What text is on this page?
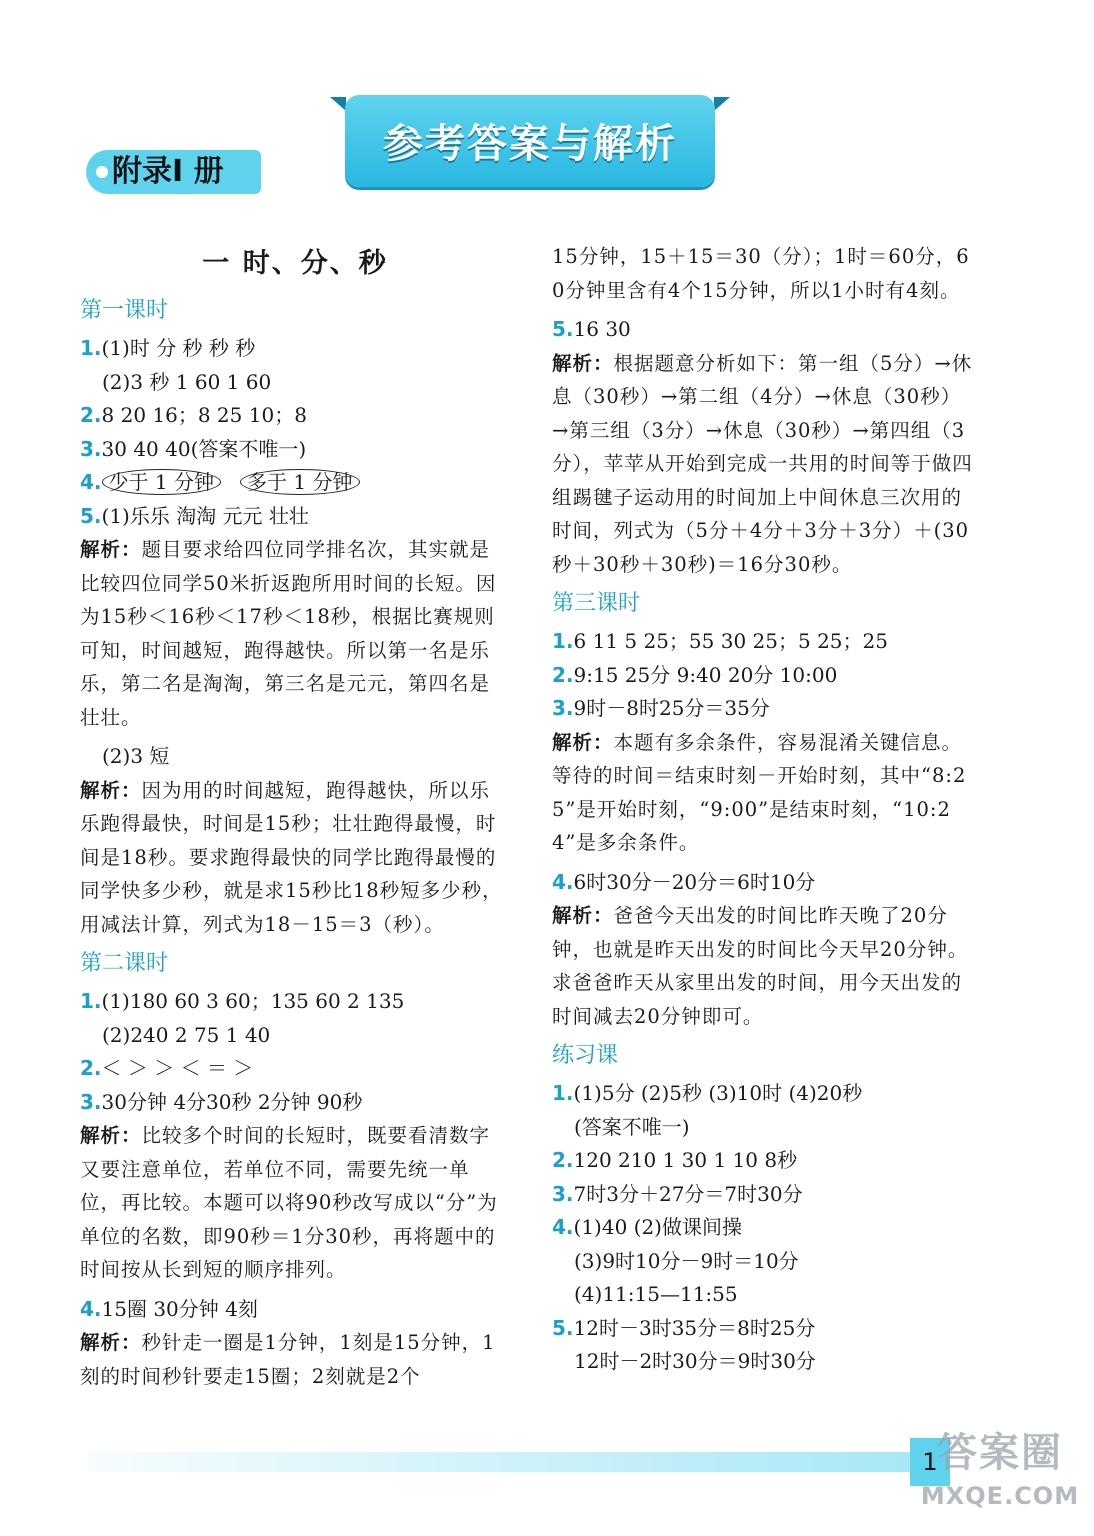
参考答案与解析
附录Ⅰ 册
一 时、分、秒
第一课时
1.(1)时 分 秒 秒 秒
(2)3 秒 1 60 1 60
2.8 20 16；8 25 10；8
3.30 40 40(答案不唯一)
4. 少于 1 分钟 多于 1 分钟
5.(1)乐乐 淘淘 元元 壮壮
解析：题目要求给四位同学排名次，其实就是比较四位同学50米折返跑所用时间的长短。因为15秒＜16秒＜17秒＜18秒，根据比赛规则可知，时间越短，跑得越快。所以第一名是乐乐，第二名是淘淘，第三名是元元，第四名是壮壮。
(2)3 短
解析：因为用的时间越短，跑得越快，所以乐乐跑得最快，时间是15秒；壮壮跑得最慢，时间是18秒。要求跑得最快的同学比跑得最慢的同学快多少秒，就是求15秒比18秒短多少秒，用减法计算，列式为18－15＝3（秒）。
第二课时
1.(1)180 60 3 60；135 60 2 135
(2)240 2 75 1 40
2.＜ ＞ ＞ ＜ ＝ ＞
3.30分钟 4分30秒 2分钟 90秒
解析：比较多个时间的长短时，既要看清数字又要注意单位，若单位不同，需要先统一单位，再比较。本题可以将90秒改写成以“分”为单位的名数，即90秒＝1分30秒，再将题中的时间按从长到短的顺序排列。
4.15圈 30分钟 4刻
解析：秒针走一圈是1分钟，1刻是15分钟，1刻的时间秒针要走15圈；2刻就是2个
15分钟，15＋15＝30（分）；1时＝60分，60分钟里含有4个15分钟，所以1小时有4刻。
5.16 30
解析：根据题意分析如下：第一组（5分）→休息（30秒）→第二组（4分）→休息（30秒）→第三组（3分）→休息（30秒）→第四组（3分），苹苹从开始到完成一共用的时间等于做四组踢毽子运动用的时间加上中间休息三次用的时间，列式为（5分＋4分＋3分＋3分）＋(30秒＋30秒＋30秒)＝16分30秒。
第三课时
1.6 11 5 25；55 30 25；5 25；25
2.9:15 25分 9:40 20分 10:00
3.9时－8时25分＝35分
解析：本题有多余条件，容易混淆关键信息。等待的时间＝结束时刻－开始时刻，其中“8:25”是开始时刻，“9:00”是结束时刻，“10:24”是多余条件。
4.6时30分－20分＝6时10分
解析：爸爸今天出发的时间比昨天晚了20分钟，也就是昨天出发的时间比今天早20分钟。求爸爸昨天从家里出发的时间，用今天出发的时间减去20分钟即可。
练习课
1.(1)5分 (2)5秒 (3)10时 (4)20秒
(答案不唯一)
2.120 210 1 30 1 10 8秒
3.7时3分＋27分＝7时30分
4.(1)40 (2)做课间操
(3)9时10分－9时＝10分
(4)11:15—11:55
5.12时－3时35分＝8时25分
12时－2时30分＝9时30分
1 答案圈
MXQE.COM
